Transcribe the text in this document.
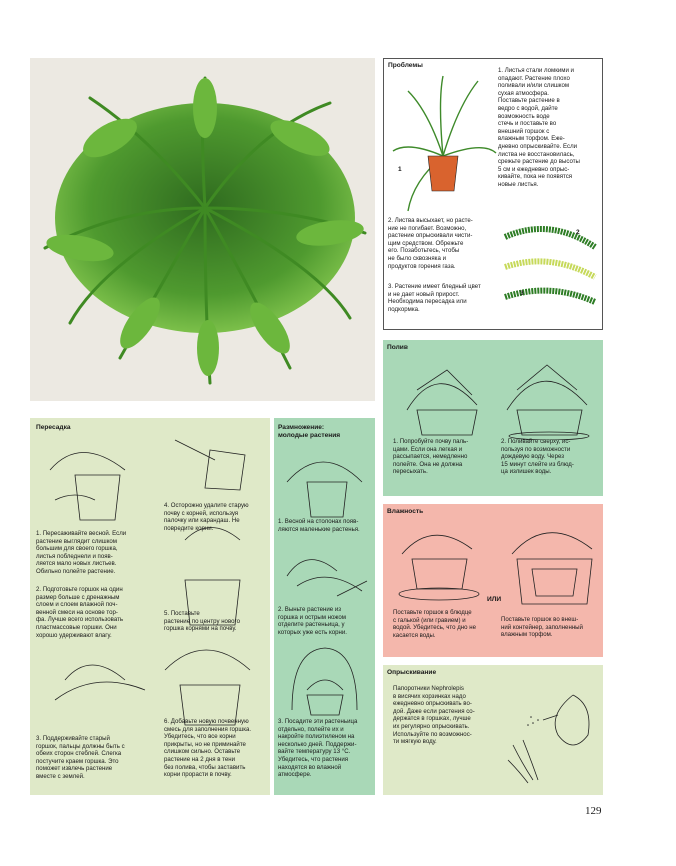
129
Проблемы
1
1. Листья стали ломкими и
опадают. Растение плохо
поливали и/или слишком
сухая атмосфера.
Поставьте растение в
ведро с водой, дайте
возможность воде
стечь и поставьте во
внешний горшок с
влажным торфом. Еже-
дневно опрыскивайте. Если
листва не восстановилась,
срежьте растение до высоты
5 см и ежедневно опрыс-
кивайте, пока не появятся
новые листья.
2. Листва высыхает, но расте-
ние не погибает. Возможно,
растение опрыскивали чисти-
щим средством. Обрежьте
его. Позаботьтесь, чтобы
не было сквозняка и
продуктов горения газа.
3. Растение имеет бледный цвет
и не дает новый прирост.
Необходима пересадка или
подкормка.
2
3
Полив
1. Попробуйте почву паль-
цами. Если она легкая и
рассыпается, немедленно
полейте. Она не должна
пересыхать.
2. Поливайте сверху, ис-
пользуя по возможности
дождевую воду. Через
15 минут слейте из блюд-
ца излишек воды.
Влажность
ИЛИ
Поставьте горшок в блюдце
с галькой (или гравием) и
водой. Убедитесь, что дно не
касается воды.
Поставьте горшок во внеш-
ний контейнер, заполненный
влажным торфом.
Опрыскивание
Папоротники Nephrolepis
в висячих корзинках надо
ежедневно опрыскивать во-
дой. Даже если растения со-
держатся в горшках, лучше
их регулярно опрыскивать.
Используйте по возможнос-
ти мягкую воду.
Пересадка
1. Пересаживайте весной. Если
растение выглядит слишком
большим для своего горшка,
листья побледнели и появ-
ляется мало новых листьев.
Обильно полейте растение.
2. Подготовьте горшок на один
размер больше с дренажным
слоем и слоем влажной поч-
венной смеси на основе тор-
фа. Лучше всего использовать
пластмассовые горшки. Они
хорошо удерживают влагу.
3. Поддерживайте старый
горшок, пальцы должны быть с
обеих сторон стеблей. Слегка
постучите краем горшка. Это
поможет извлечь растение
вместе с землей.
4. Осторожно удалите старую
почву с корней, используя
палочку или карандаш. Не
повредите корни.
5. Поставьте
растение по центру нового
горшка корнями на почву.
6. Добавьте новую почвенную
смесь для заполнения горшка.
Убедитесь, что все корни
прикрыты, но не приминайте
слишком сильно. Оставьте
растение на 2 дня в тени
без полива, чтобы заставить
корни прорасти в почву.
Размножение:
молодые растения
1. Весной на столонах появ-
ляются маленькие растенья.
2. Выньте растение из
горшка и острым ножом
отделите растеньица, у
которых уже есть корни.
3. Посадите эти растеньица
отдельно, полейте их и
накройте полиэтиленом на
несколько дней. Поддержи-
вайте температуру 13 °С.
Убедитесь, что растения
находятся во влажной
атмосфере.
